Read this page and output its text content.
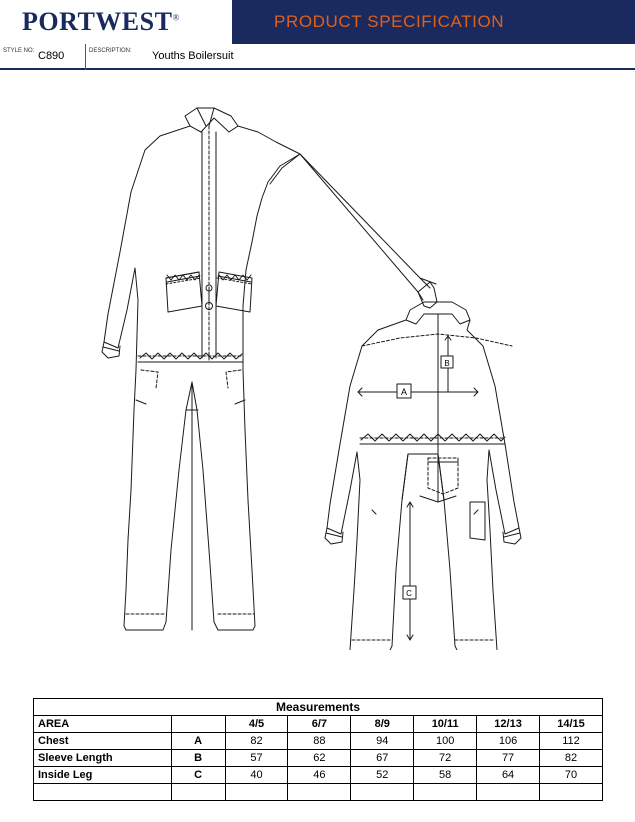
PORTWEST®	PRODUCT SPECIFICATION
STYLE NO: C890	DESCRIPTION:	Youths Boilersuit
A
B
C
Measurements							
AREA		4/5	6/7	8/9	10/11	12/13	14/15
Chest	A	82	88	94	100	106	112
Sleeve Length	B	57	62	67	72	77	82
Inside Leg	C	40	46	52	58	64	70
